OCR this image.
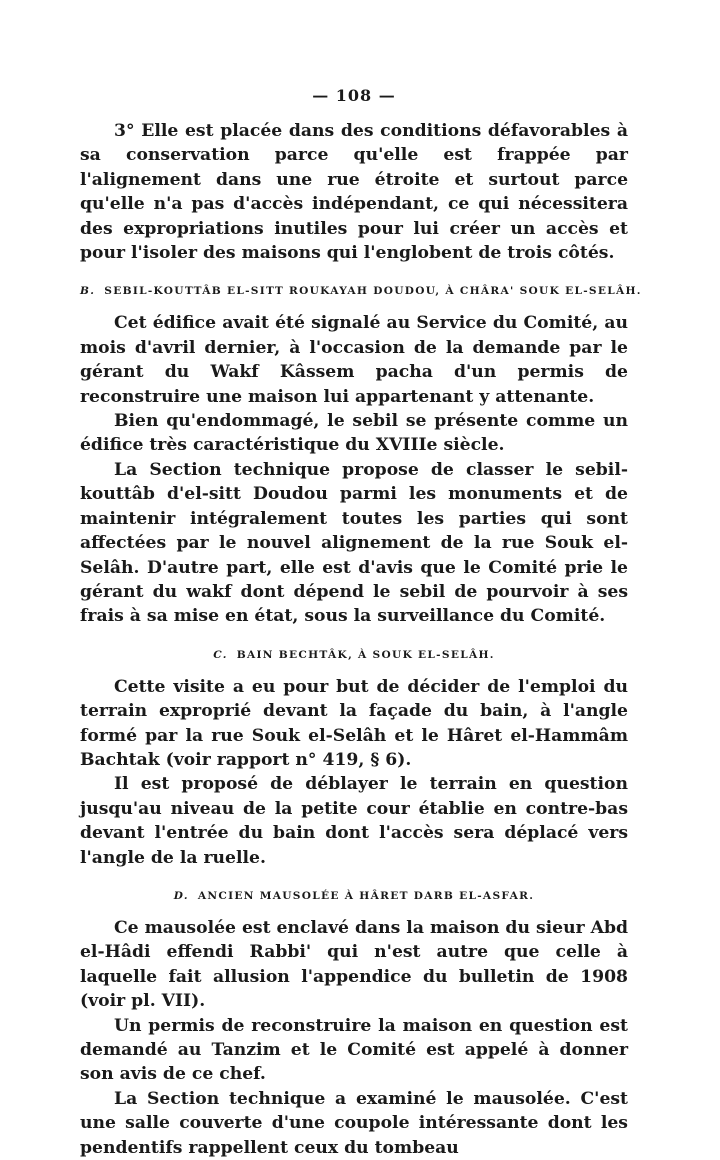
— 108 —

3° Elle est placée dans des conditions défavorables à sa conservation parce qu'elle est frappée par l'alignement dans une rue étroite et surtout parce qu'elle n'a pas d'accès indépendant, ce qui nécessitera des expropriations inutiles pour lui créer un accès et pour l'isoler des maisons qui l'englobent de trois côtés.

B. SEBIL-KOUTTÂB EL-SITT ROUKAYAH DOUDOU, À CHÂRA' SOUK EL-SELÂH.

Cet édifice avait été signalé au Service du Comité, au mois d'avril dernier, à l'occasion de la demande par le gérant du Wakf Kâssem pacha d'un permis de reconstruire une maison lui appartenant y attenante.

Bien qu'endommagé, le sebil se présente comme un édifice très caractéristique du XVIIIe siècle.

La Section technique propose de classer le sebil-kouttâb d'el-sitt Doudou parmi les monuments et de maintenir intégralement toutes les parties qui sont affectées par le nouvel alignement de la rue Souk el-Selâh. D'autre part, elle est d'avis que le Comité prie le gérant du wakf dont dépend le sebil de pourvoir à ses frais à sa mise en état, sous la surveillance du Comité.

C. BAIN BECHTÂK, À SOUK EL-SELÂH.

Cette visite a eu pour but de décider de l'emploi du terrain exproprié devant la façade du bain, à l'angle formé par la rue Souk el-Selâh et le Hâret el-Hammâm Bachtak (voir rapport n° 419, § 6).

Il est proposé de déblayer le terrain en question jusqu'au niveau de la petite cour établie en contre-bas devant l'entrée du bain dont l'accès sera déplacé vers l'angle de la ruelle.

D. ANCIEN MAUSOLÉE À HÂRET DARB EL-ASFAR.

Ce mausolée est enclavé dans la maison du sieur Abd el-Hâdi effendi Rabbi' qui n'est autre que celle à laquelle fait allusion l'appendice du bulletin de 1908 (voir pl. VII).

Un permis de reconstruire la maison en question est demandé au Tanzim et le Comité est appelé à donner son avis de ce chef.

La Section technique a examiné le mausolée. C'est une salle couverte d'une coupole intéressante dont les pendentifs rappellent ceux du tombeau
